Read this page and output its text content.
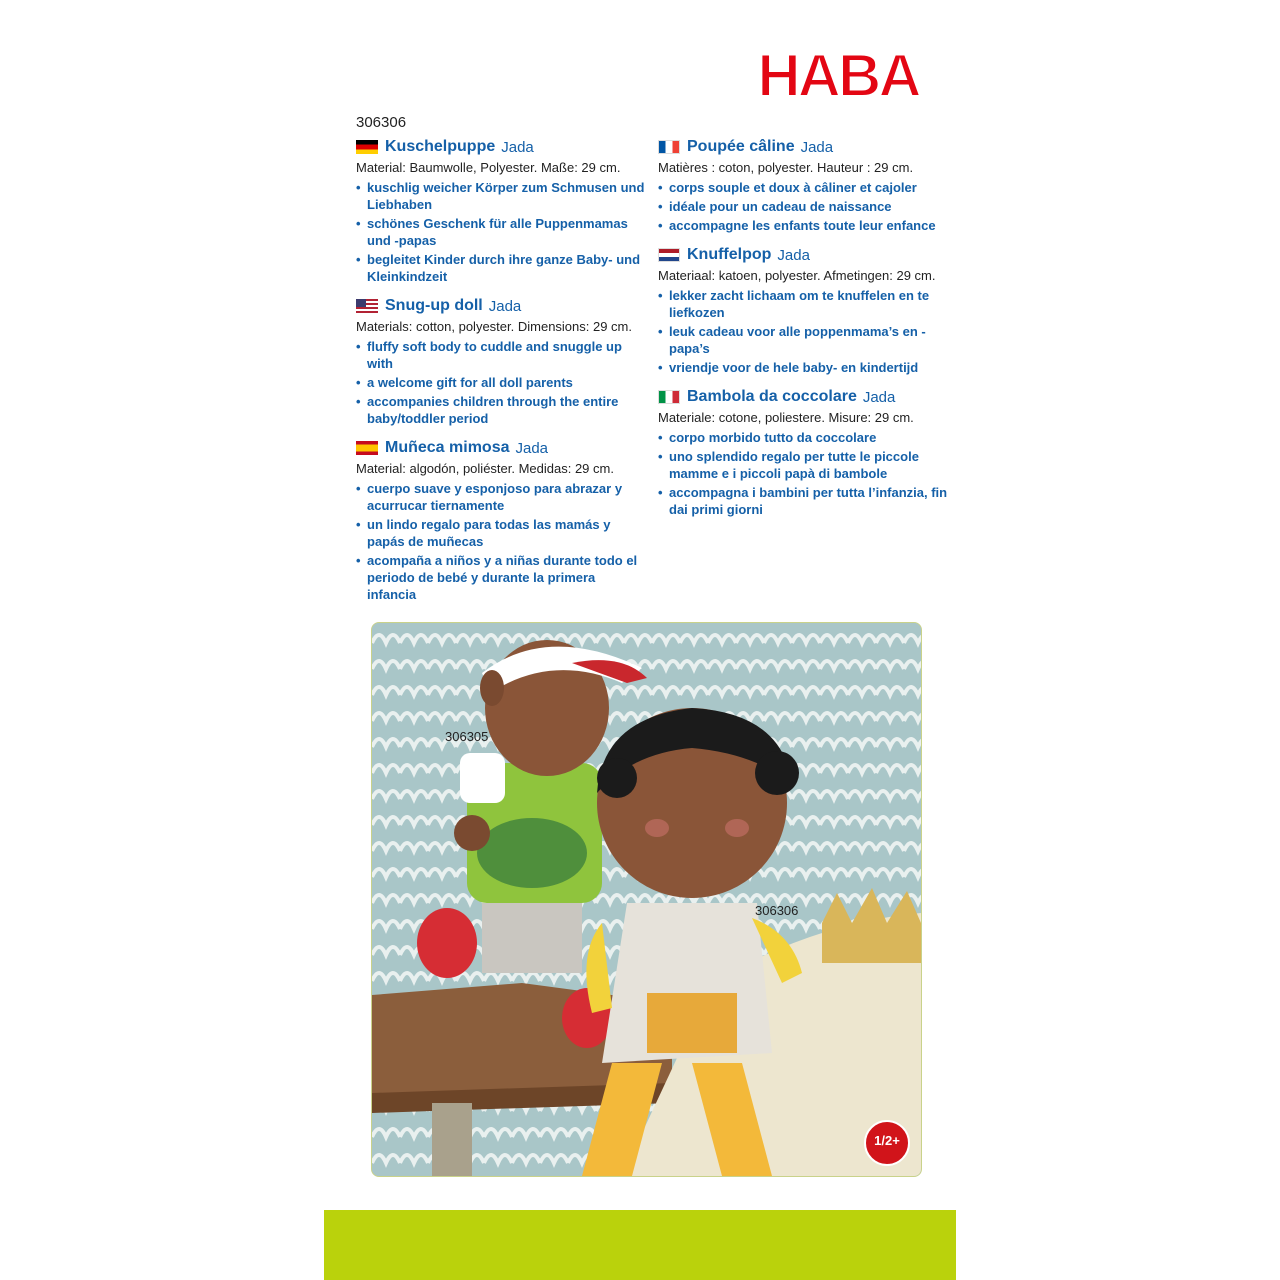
HABA
306306
Kuschelpuppe Jada
Material: Baumwolle, Polyester. Maße: 29 cm.
• kuschlig weicher Körper zum Schmusen und Liebhaben
• schönes Geschenk für alle Puppenmamas und -papas
• begleitet Kinder durch ihre ganze Baby- und Kleinkindzeit
Snug-up doll Jada
Materials: cotton, polyester. Dimensions: 29 cm.
• fluffy soft body to cuddle and snuggle up with
• a welcome gift for all doll parents
• accompanies children through the entire baby/toddler period
Muñeca mimosa Jada
Material: algodón, poliéster. Medidas: 29 cm.
• cuerpo suave y esponjoso para abrazar y acurrucar tiernamente
• un lindo regalo para todas las mamás y papás de muñecas
• acompaña a niños y a niñas durante todo el periodo de bebé y durante la primera infancia
Poupée câline Jada
Matières : coton, polyester. Hauteur : 29 cm.
• corps souple et doux à câliner et cajoler
• idéale pour un cadeau de naissance
• accompagne les enfants toute leur enfance
Knuffelpop Jada
Materiaal: katoen, polyester. Afmetingen: 29 cm.
• lekker zacht lichaam om te knuffelen en te liefkozen
• leuk cadeau voor alle poppenmama’s en -papa’s
• vriendje voor de hele baby- en kindertijd
Bambola da coccolare Jada
Materiale: cotone, poliestere. Misure: 29 cm.
• corpo morbido tutto da coccolare
• uno splendido regalo per tutte le piccole mamme e i piccoli papà di bambole
• accompagna i bambini per tutta l’infanzia, fin dai primi giorni
306305
306306
1/2+
